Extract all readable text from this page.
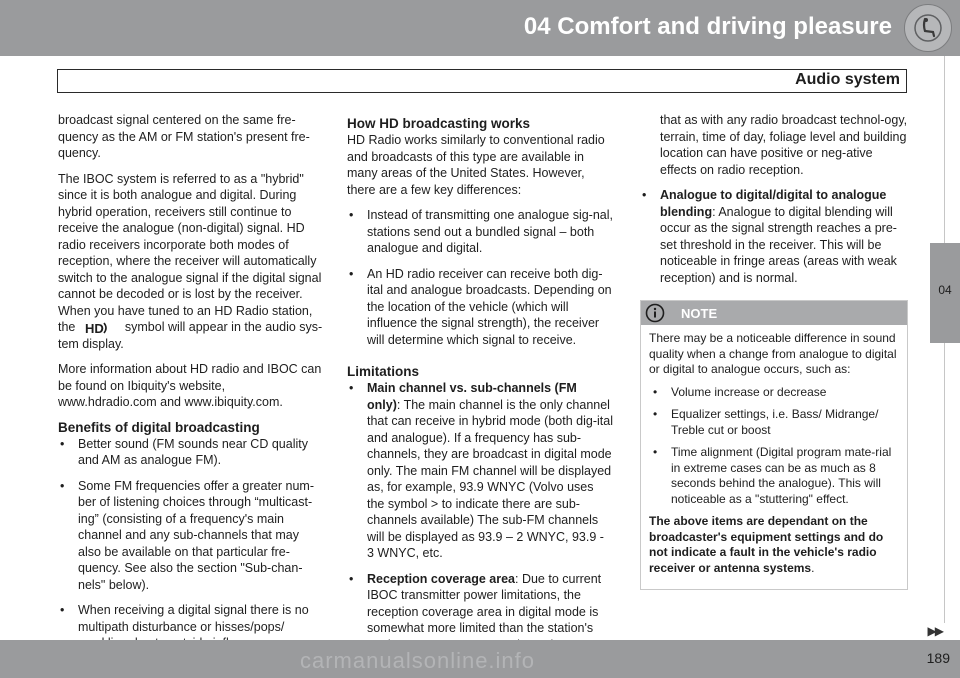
04 Comfort and driving pleasure
Audio system
04

broadcast signal centered on the same fre-quency as the AM or FM station's present fre-quency.

The IBOC system is referred to as a "hybrid" since it is both analogue and digital. During hybrid operation, receivers still continue to receive the analogue (non-digital) signal. HD radio receivers incorporate both modes of reception, where the receiver will automatically switch to the analogue signal if the digital signal cannot be decoded or is lost by the receiver. When you have tuned to an HD Radio station, the HD symbol will appear in the audio sys-tem display.

More information about HD radio and IBOC can be found on Ibiquity's website, www.hdradio.com and www.ibiquity.com.

Benefits of digital broadcasting
• Better sound (FM sounds near CD quality and AM as analogue FM).
• Some FM frequencies offer a greater num-ber of listening choices through “multicast-ing” (consisting of a frequency's main channel and any sub-channels that may also be available on that particular fre-quency. See also the section "Sub-chan-nels" below).
• When receiving a digital signal there is no multipath disturbance or hisses/pops/
How HD broadcasting works

HD Radio works similarly to conventional radio and broadcasts of this type are available in many areas of the United States. However, there are a few key differences:

• Instead of transmitting one analogue sig-nal, stations send out a bundled signal – both analogue and digital.
• An HD radio receiver can receive both dig-ital and analogue broadcasts. Depending on the location of the vehicle (which will influence the signal strength), the receiver will determine which signal to receive.
Limitations
• Main channel vs. sub-channels (FM only): The main channel is the only channel that can receive in hybrid mode (both dig-ital and analogue). If a frequency has sub-channels, they are broadcast in digital mode only. The main FM channel will be displayed as, for example, 93.9 WNYC (Volvo uses the symbol > to indicate there are sub-channels available) The sub-FM channels will be displayed as 93.9 – 2 WNYC, 93.9 - 3 WNYC, etc.
• Reception coverage area: Due to current IBOC transmitter power limitations, the reception coverage area in digital mode is somewhat more limited than the station's
that as with any radio broadcast technol-ogy, terrain, time of day, foliage level and building location can have positive or neg-ative effects on radio reception.
• Analogue to digital/digital to analogue blending: Analogue to digital blending will occur as the signal strength reaches a pre-set threshold in the receiver. This will be noticeable in fringe areas (areas with weak reception) and is normal.
NOTE

There may be a noticeable difference in sound quality when a change from analogue to digital or digital to analogue occurs, such as:

• Volume increase or decrease
• Equalizer settings, i.e. Bass/ Midrange/ Treble cut or boost
• Time alignment (Digital program mate-rial in extreme cases can be as much as 8 seconds behind the analogue). This will noticeable as a "stuttering" effect.

The above items are dependant on the broadcaster's equipment settings and do not indicate a fault in the vehicle's radio receiver or antenna systems.

▶▶
carmanualsonline.info	189
